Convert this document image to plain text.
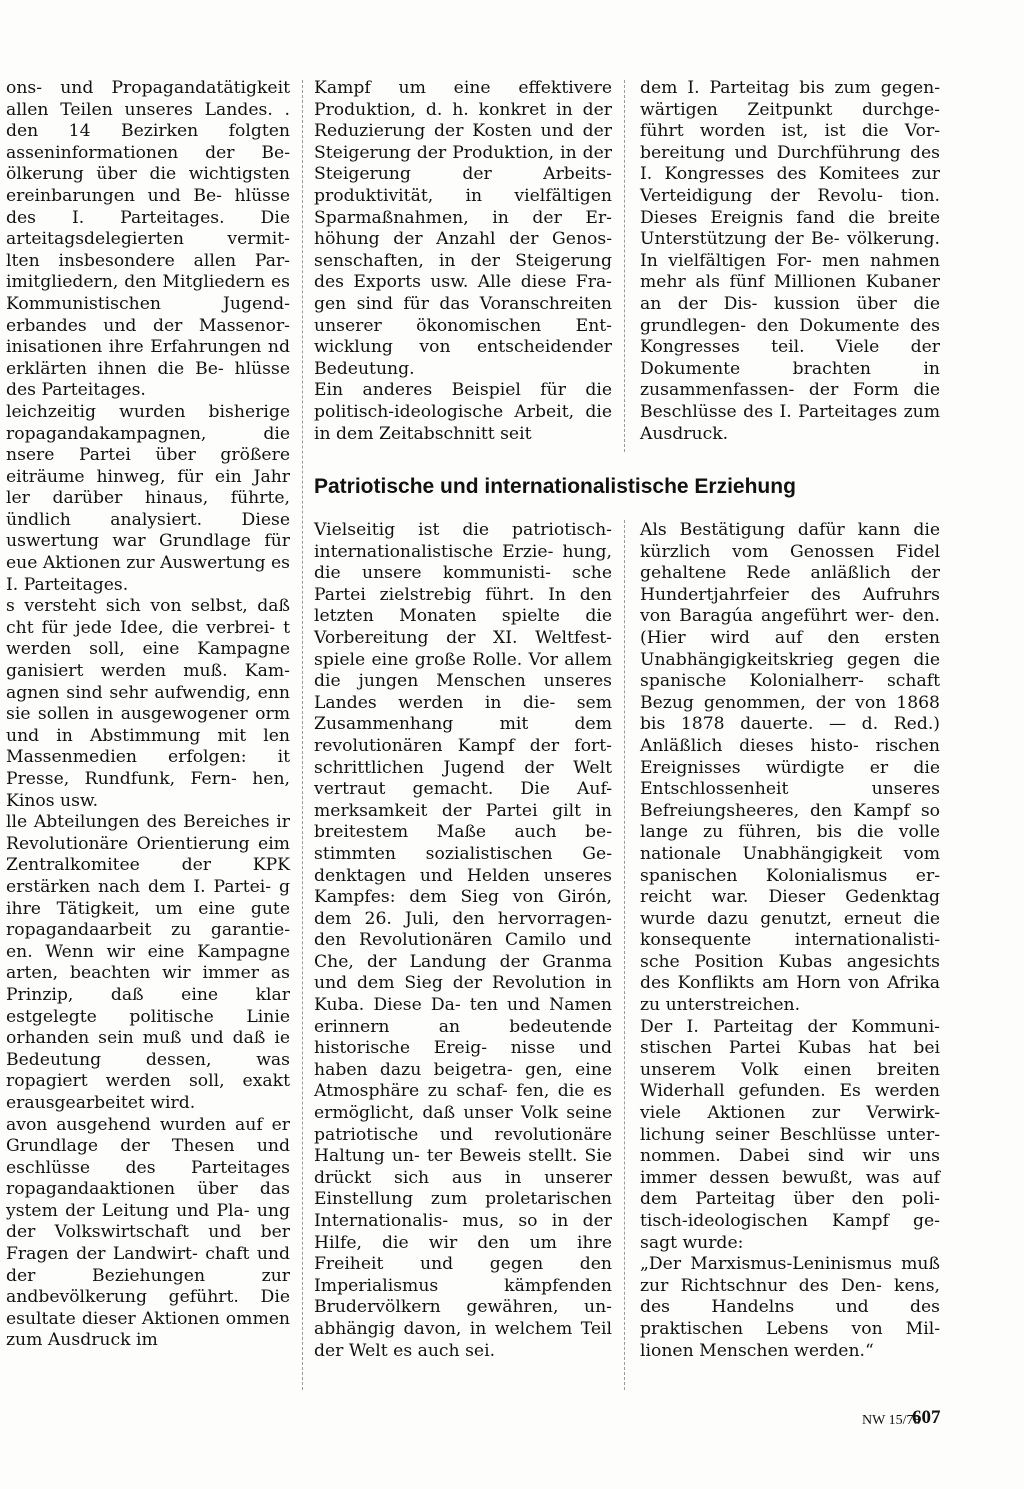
ons- und Propagandatätigkeit allen Teilen unseres Landes. . den 14 Bezirken folgten asseninformationen der Be- ölkerung über die wichtigsten ereinbarungen und Be- hlüsse des I. Parteitages. Die arteitagsdelegierten vermit- lten insbesondere allen Par- imitgliedern, den Mitgliedern es Kommunistischen Jugend- erbandes und der Massenor- inisationen ihre Erfahrungen nd erklärten ihnen die Be- hlüsse des Parteitages.

leichzeitig wurden bisherige ropagandakampagnen, die nsere Partei über größere eiträume hinweg, für ein Jahr ler darüber hinaus, führte, ündlich analysiert. Diese uswertung war Grundlage für eue Aktionen zur Auswertung es I. Parteitages.

s versteht sich von selbst, daß cht für jede Idee, die verbrei- t werden soll, eine Kampagne ganisiert werden muß. Kam- agnen sind sehr aufwendig, enn sie sollen in ausgewogener orm und in Abstimmung mit len Massenmedien erfolgen: it Presse, Rundfunk, Fern- hen, Kinos usw.

lle Abteilungen des Bereiches ir Revolutionäre Orientierung eim Zentralkomitee der KPK erstärken nach dem I. Partei- g ihre Tätigkeit, um eine gute ropagandaarbeit zu garantie- en. Wenn wir eine Kampagne arten, beachten wir immer as Prinzip, daß eine klar estgelegte politische Linie orhanden sein muß und daß ie Bedeutung dessen, was ropagiert werden soll, exakt erausgearbeitet wird.

avon ausgehend wurden auf er Grundlage der Thesen und eschlüsse des Parteitages ropagandaaktionen über das ystem der Leitung und Pla- ung der Volkswirtschaft und ber Fragen der Landwirt- chaft und der Beziehungen zur andbevölkerung geführt. Die esultate dieser Aktionen ommen zum Ausdruck im

Kampf um eine effektivere Produktion, d. h. konkret in der Reduzierung der Kosten und der Steigerung der Produktion, in der Steigerung der Arbeits- produktivität, in vielfältigen Sparmaßnahmen, in der Er- höhung der Anzahl der Genos- senschaften, in der Steigerung des Exports usw. Alle diese Fra- gen sind für das Voranschreiten unserer ökonomischen Ent- wicklung von entscheidender Bedeutung.

Ein anderes Beispiel für die politisch-ideologische Arbeit, die in dem Zeitabschnitt seit

dem I. Parteitag bis zum gegen- wärtigen Zeitpunkt durchge- führt worden ist, ist die Vor- bereitung und Durchführung des I. Kongresses des Komitees zur Verteidigung der Revolu- tion. Dieses Ereignis fand die breite Unterstützung der Be- völkerung. In vielfältigen For- men nahmen mehr als fünf Millionen Kubaner an der Dis- kussion über die grundlegen- den Dokumente des Kongresses teil. Viele der Dokumente brachten in zusammenfassen- der Form die Beschlüsse des I. Parteitages zum Ausdruck.

Patriotische und internationalistische Erziehung

Vielseitig ist die patriotisch- internationalistische Erzie- hung, die unsere kommunisti- sche Partei zielstrebig führt. In den letzten Monaten spielte die Vorbereitung der XI. Weltfest- spiele eine große Rolle. Vor allem die jungen Menschen unseres Landes werden in die- sem Zusammenhang mit dem revolutionären Kampf der fort- schrittlichen Jugend der Welt vertraut gemacht. Die Auf- merksamkeit der Partei gilt in breitestem Maße auch be- stimmten sozialistischen Ge- denktagen und Helden unseres Kampfes: dem Sieg von Girón, dem 26. Juli, den hervorragen- den Revolutionären Camilo und Che, der Landung der Granma und dem Sieg der Revolution in Kuba. Diese Da- ten und Namen erinnern an bedeutende historische Ereig- nisse und haben dazu beigetra- gen, eine Atmosphäre zu schaf- fen, die es ermöglicht, daß unser Volk seine patriotische und revolutionäre Haltung un- ter Beweis stellt. Sie drückt sich aus in unserer Einstellung zum proletarischen Internationalis- mus, so in der Hilfe, die wir den um ihre Freiheit und gegen den Imperialismus kämpfenden Brudervölkern gewähren, un- abhängig davon, in welchem Teil der Welt es auch sei.

Als Bestätigung dafür kann die kürzlich vom Genossen Fidel gehaltene Rede anläßlich der Hundertjahrfeier des Aufruhrs von Baragúa angeführt wer- den. (Hier wird auf den ersten Unabhängigkeitskrieg gegen die spanische Kolonialherr- schaft Bezug genommen, der von 1868 bis 1878 dauerte. — d. Red.) Anläßlich dieses histo- rischen Ereignisses würdigte er die Entschlossenheit unseres Befreiungsheeres, den Kampf so lange zu führen, bis die volle nationale Unabhängigkeit vom spanischen Kolonialismus er- reicht war. Dieser Gedenktag wurde dazu genutzt, erneut die konsequente internationalisti- sche Position Kubas angesichts des Konflikts am Horn von Afrika zu unterstreichen.

Der I. Parteitag der Kommuni- stischen Partei Kubas hat bei unserem Volk einen breiten Widerhall gefunden. Es werden viele Aktionen zur Verwirk- lichung seiner Beschlüsse unter- nommen. Dabei sind wir uns immer dessen bewußt, was auf dem Parteitag über den poli- tisch-ideologischen Kampf ge- sagt wurde:

„Der Marxismus-Leninismus muß zur Richtschnur des Den- kens, des Handelns und des praktischen Lebens von Mil- lionen Menschen werden.“

NW 15/78
607
